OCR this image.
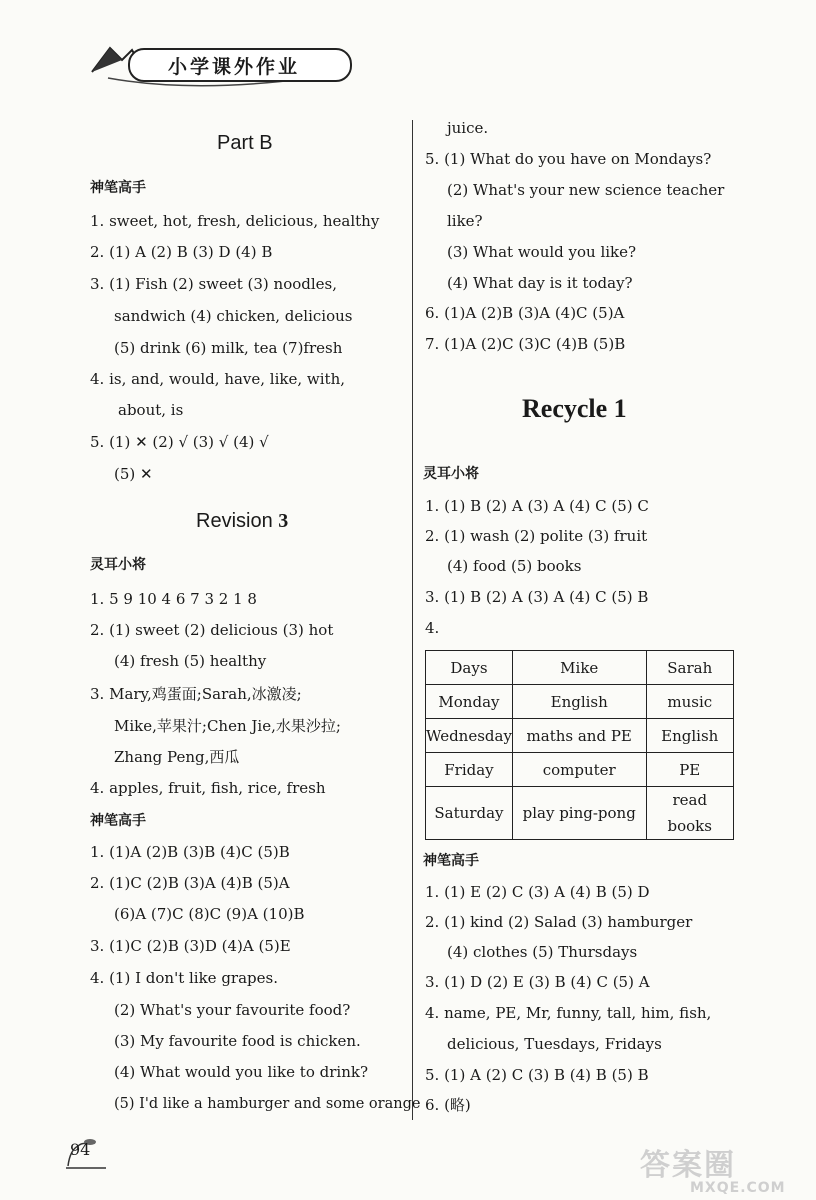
小学课外作业
Part B
神笔高手
1. sweet, hot, fresh, delicious, healthy
2. (1) A (2) B (3) D (4) B
3. (1) Fish (2) sweet (3) noodles,
sandwich (4) chicken, delicious
(5) drink (6) milk, tea (7)fresh
4. is, and, would, have, like, with,
about, is
5. (1) ✕ (2) √ (3) √ (4) √
(5) ✕
Revision 3
灵耳小将
1. 5 9 10 4 6 7 3 2 1 8
2. (1) sweet (2) delicious (3) hot
(4) fresh (5) healthy
3. Mary,鸡蛋面;Sarah,冰激凌;
Mike,苹果汁;Chen Jie,水果沙拉;
Zhang Peng,西瓜
4. apples, fruit, fish, rice, fresh
神笔高手
1. (1)A (2)B (3)B (4)C (5)B
2. (1)C (2)B (3)A (4)B (5)A
(6)A (7)C (8)C (9)A (10)B
3. (1)C (2)B (3)D (4)A (5)E
4. (1) I don't like grapes.
(2) What's your favourite food?
(3) My favourite food is chicken.
(4) What would you like to drink?
(5) I'd like a hamburger and some orange
juice.
5. (1) What do you have on Mondays?
(2) What's your new science teacher
like?
(3) What would you like?
(4) What day is it today?
6. (1)A (2)B (3)A (4)C (5)A
7. (1)A (2)C (3)C (4)B (5)B
Recycle 1
灵耳小将
1. (1) B (2) A (3) A (4) C (5) C
2. (1) wash (2) polite (3) fruit
(4) food (5) books
3. (1) B (2) A (3) A (4) C (5) B
4.
神笔高手
1. (1) E (2) C (3) A (4) B (5) D
2. (1) kind (2) Salad (3) hamburger
(4) clothes (5) Thursdays
3. (1) D (2) E (3) B (4) C (5) A
4. name, PE, Mr, funny, tall, him, fish,
delicious, Tuesdays, Fridays
5. (1) A (2) C (3) B (4) B (5) B
6. (略)
Days	Mike	Sarah
Monday	English	music
Wednesday	maths and PE	English
Friday	computer	PE
Saturday	play ping-pong	read books
94	答案圈
MXQE.COM
